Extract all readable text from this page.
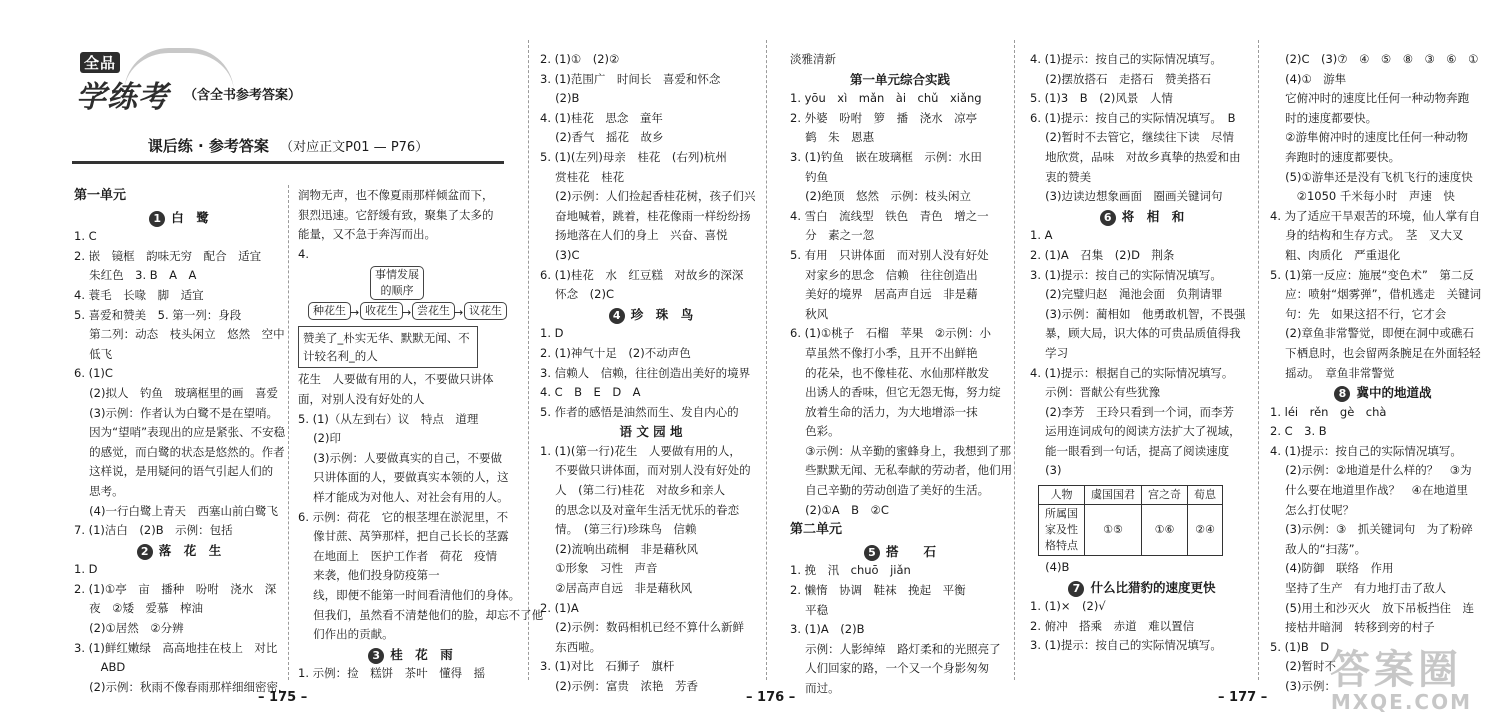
全品
学练考 （含全书参考答案）
课后练 · 参考答案 （对应正文P01 — P76）

第一单元

1 白　鹭

1. C

2. 嵌　镜框　韵味无穷　配合　适宜

　 朱红色　3. B　A　A

4. 蓑毛　长喙　脚　适宜

5. 喜爱和赞美　5. 第一列：身段

　 第二列：动态　枝头闲立　悠然　空中

　 低飞

6. (1)C

　 (2)拟人　钓鱼　玻璃框里的画　喜爱

　 (3)示例：作者认为白鹭不是在望哨。

　 因为“望哨”表现出的应是紧张、不安稳

　 的感觉，而白鹭的状态是悠然的。作者

　 这样说，是用疑问的语气引起人们的

　 思考。

　 (4)一行白鹭上青天　西塞山前白鹭飞

7. (1)洁白　(2)B　示例：包括

2 落　花　生

1. D

2. (1)①亭　亩　播种　吩咐　浇水　深

　 夜　②矮　爱慕　榨油

　 (2)①居然　②分辨

3. (1)鲜红嫩绿　高高地挂在枝上　对比

　 　ABD

　 (2)示例：秋雨不像春雨那样细细密密，

润物无声，也不像夏雨那样倾盆而下，

狠烈迅速。它舒缓有致，聚集了太多的

能量，又不急于奔泻而出。

4.

事情发展
的顺序
种花生 → 收花生 → 尝花生 → 议花生
赞美了_朴实无华、默默无闻、不计较名利_的人

花生　人要做有用的人，不要做只讲体

面，对别人没有好处的人

5. (1)（从左到右）议　特点　道理

　 (2)印

　 (3)示例：人要做真实的自己，不要做

　 只讲体面的人，要做真实本领的人，这

　 样才能成为对他人、对社会有用的人。

6. 示例：荷花　它的根茎埋在淤泥里，不

　 像甘蔗、莴笋那样，把自己长长的茎露

　 在地面上　医护工作者　荷花　疫情

　 来袭，他们投身防疫第一

　 线，即便不能第一时间看清他们的身体。

　 但我们，虽然看不清楚他们的脸，却忘不了他

　 们作出的贡献。

3 桂　花　雨

1. 示例：捡　糕饼　茶叶　懂得　摇

2. (1)①　(2)②

3. (1)范围广　时间长　喜爱和怀念

　 (2)B

4. (1)桂花　思念　童年

　 (2)香气　摇花　故乡

5. (1)(左列)母亲　桂花　(右列)杭州

　 赏桂花　桂花

　 (2)示例：人们捡起香桂花树，孩子们兴

　 奋地喊着，跳着，桂花像雨一样纷纷扬

　 扬地落在人们的身上　兴奋、喜悦

　 (3)C

6. (1)桂花　水　红豆糕　对故乡的深深

　 怀念　(2)C

4 珍　珠　鸟

1. D

2. (1)神气十足　(2)不动声色

3. 信赖人　信赖，往往创造出美好的境界

4. C　B　E　D　A

5. 作者的感悟是油然而生、发自内心的

语 文 园 地

1. (1)(第一行)花生　人要做有用的人，

　 不要做只讲体面，而对别人没有好处的

　 人　(第二行)桂花　对故乡和亲人

　 的思念以及对童年生活无忧乐的眷恋

　 情。　(第三行)珍珠鸟　信赖

　 (2)流响出疏桐　非是藉秋风

　 ①形象　习性　声音

　 ②居高声自远　非是藉秋风

2. (1)A

　 (2)示例：数码相机已经不算什么新鲜

　 东西啦。

3. (1)对比　石狮子　旗杆

　 (2)示例：富贵　浓艳　芳香

淡雅清新

第一单元综合实践

1. yōu　xì　mǎn　ài　chǔ　xiǎng

2. 外婆　吩咐　箩　播　浇水　凉亭

　 鹤　朱　恩惠

3. (1)钓鱼　嵌在玻璃框　示例：水田

　 钓鱼

　 (2)绝顶　悠然　示例：枝头闲立

4. 雪白　流线型　铁色　青色　增之一

　 分　素之一忽

5. 有用　只讲体面　而对别人没有好处

　 对家乡的思念　信赖　往往创造出

　 美好的境界　居高声自远　非是藉

　 秋风

6. (1)①桃子　石榴　苹果　②示例：小

　 草虽然不像打小季，且开不出鲜艳

　 的花朵，也不像桂花、水仙那样散发

　 出诱人的香味，但它无怨无悔，努力绽

　 放着生命的活力，为大地增添一抹

　 色彩。

　 ③示例：从辛勤的蜜蜂身上，我想到了那

　 些默默无闻、无私奉献的劳动者，他们用

　 自己辛勤的劳动创造了美好的生活。

　 (2)①A　B　②C

第二单元

5 搭　　石

1. 挽　汛　chuō　jiǎn

2. 懒惰　协调　鞋袜　挽起　平衡

　 平稳

3. (1)A　(2)B

　 示例：人影绰绰　路灯柔和的光照亮了

　 人们回家的路，一个又一个身影匆匆

　 而过。

4. (1)提示：按自己的实际情况填写。

　 (2)摆放搭石　走搭石　赞美搭石

5. (1)3　B　(2)风景　人情

6. (1)提示：按自己的实际情况填写。　B

　 (2)暂时不去管它，继续往下读　尽情

　 地欣赏，品味　对故乡真挚的热爱和由

　 衷的赞美

　 (3)边读边想象画面　圈画关键词句

6 将　相　和

1. A

2. (1)A　召集　(2)D　荆条

3. (1)提示：按自己的实际情况填写。

　 (2)完璧归赵　渑池会面　负荆请罪

　 (3)示例：蔺相如　他勇敢机智，不畏强

　 暴，顾大局，识大体的可贵品质值得我

　 学习

4. (1)提示：根据自己的实际情况填写。

　 示例：晋献公有些犹豫

　 (2)李芳　王玲只看到一个词，而李芳

　 运用连词成句的阅读方法扩大了视域，

　 能一眼看到一句话，提高了阅读速度

　 (3)

人物	虞国国君	宫之奇	荀息
所属国
家及性
格特点	①⑤	①⑥	②④

　 (4)B

7 什么比猎豹的速度更快

1. (1)×　(2)√

2. 俯冲　搭乘　赤道　难以置信

3. (1)提示：按自己的实际情况填写。

　 (2)C　(3)⑦　④　⑤　⑧　③　⑥　①

　 (4)①　游隼

　 它俯冲时的速度比任何一种动物奔跑

　 时的速度都要快。

　 ②游隼俯冲时的速度比任何一种动物

　 奔跑时的速度都要快。

　 (5)①游隼还是没有飞机飞行的速度快

　 　②1050 千米每小时　声速　快

4. 为了适应干旱艰苦的环境，仙人掌有自

　 身的结构和生存方式。　茎　叉大叉

　 粗、肉质化　严重退化

5. (1)第一反应：施展“变色术”　第二反

　 应：喷射“烟雾弹”，借机逃走　关键词

　 句：先　如果这招不行，它才会

　 (2)章鱼非常警觉，即便在洞中或礁石

　 下栖息时，也会留两条腕足在外面轻轻

　 摇动。　章鱼非常警觉

8 冀中的地道战

1. léi　rěn　gè　chà

2. C　3. B

4. (1)提示：按自己的实际情况填写。

　 (2)示例：②地道是什么样的？　③为

　 什么要在地道里作战？　④在地道里

　 怎么打仗呢？

　 (3)示例：③　抓关键词句　为了粉碎

　 敌人的“扫荡”。

　 (4)防御　联络　作用

　 坚持了生产　有力地打击了敌人

　 (5)用土和沙灭火　放下吊板挡住　连

　 接枯井暗洞　转移到旁的村子

5. (1)B　D

　 (2)暂时不

　 (3)示例：

– 175 –	– 176 –	– 177 –
答案圈
MXQE.COM
